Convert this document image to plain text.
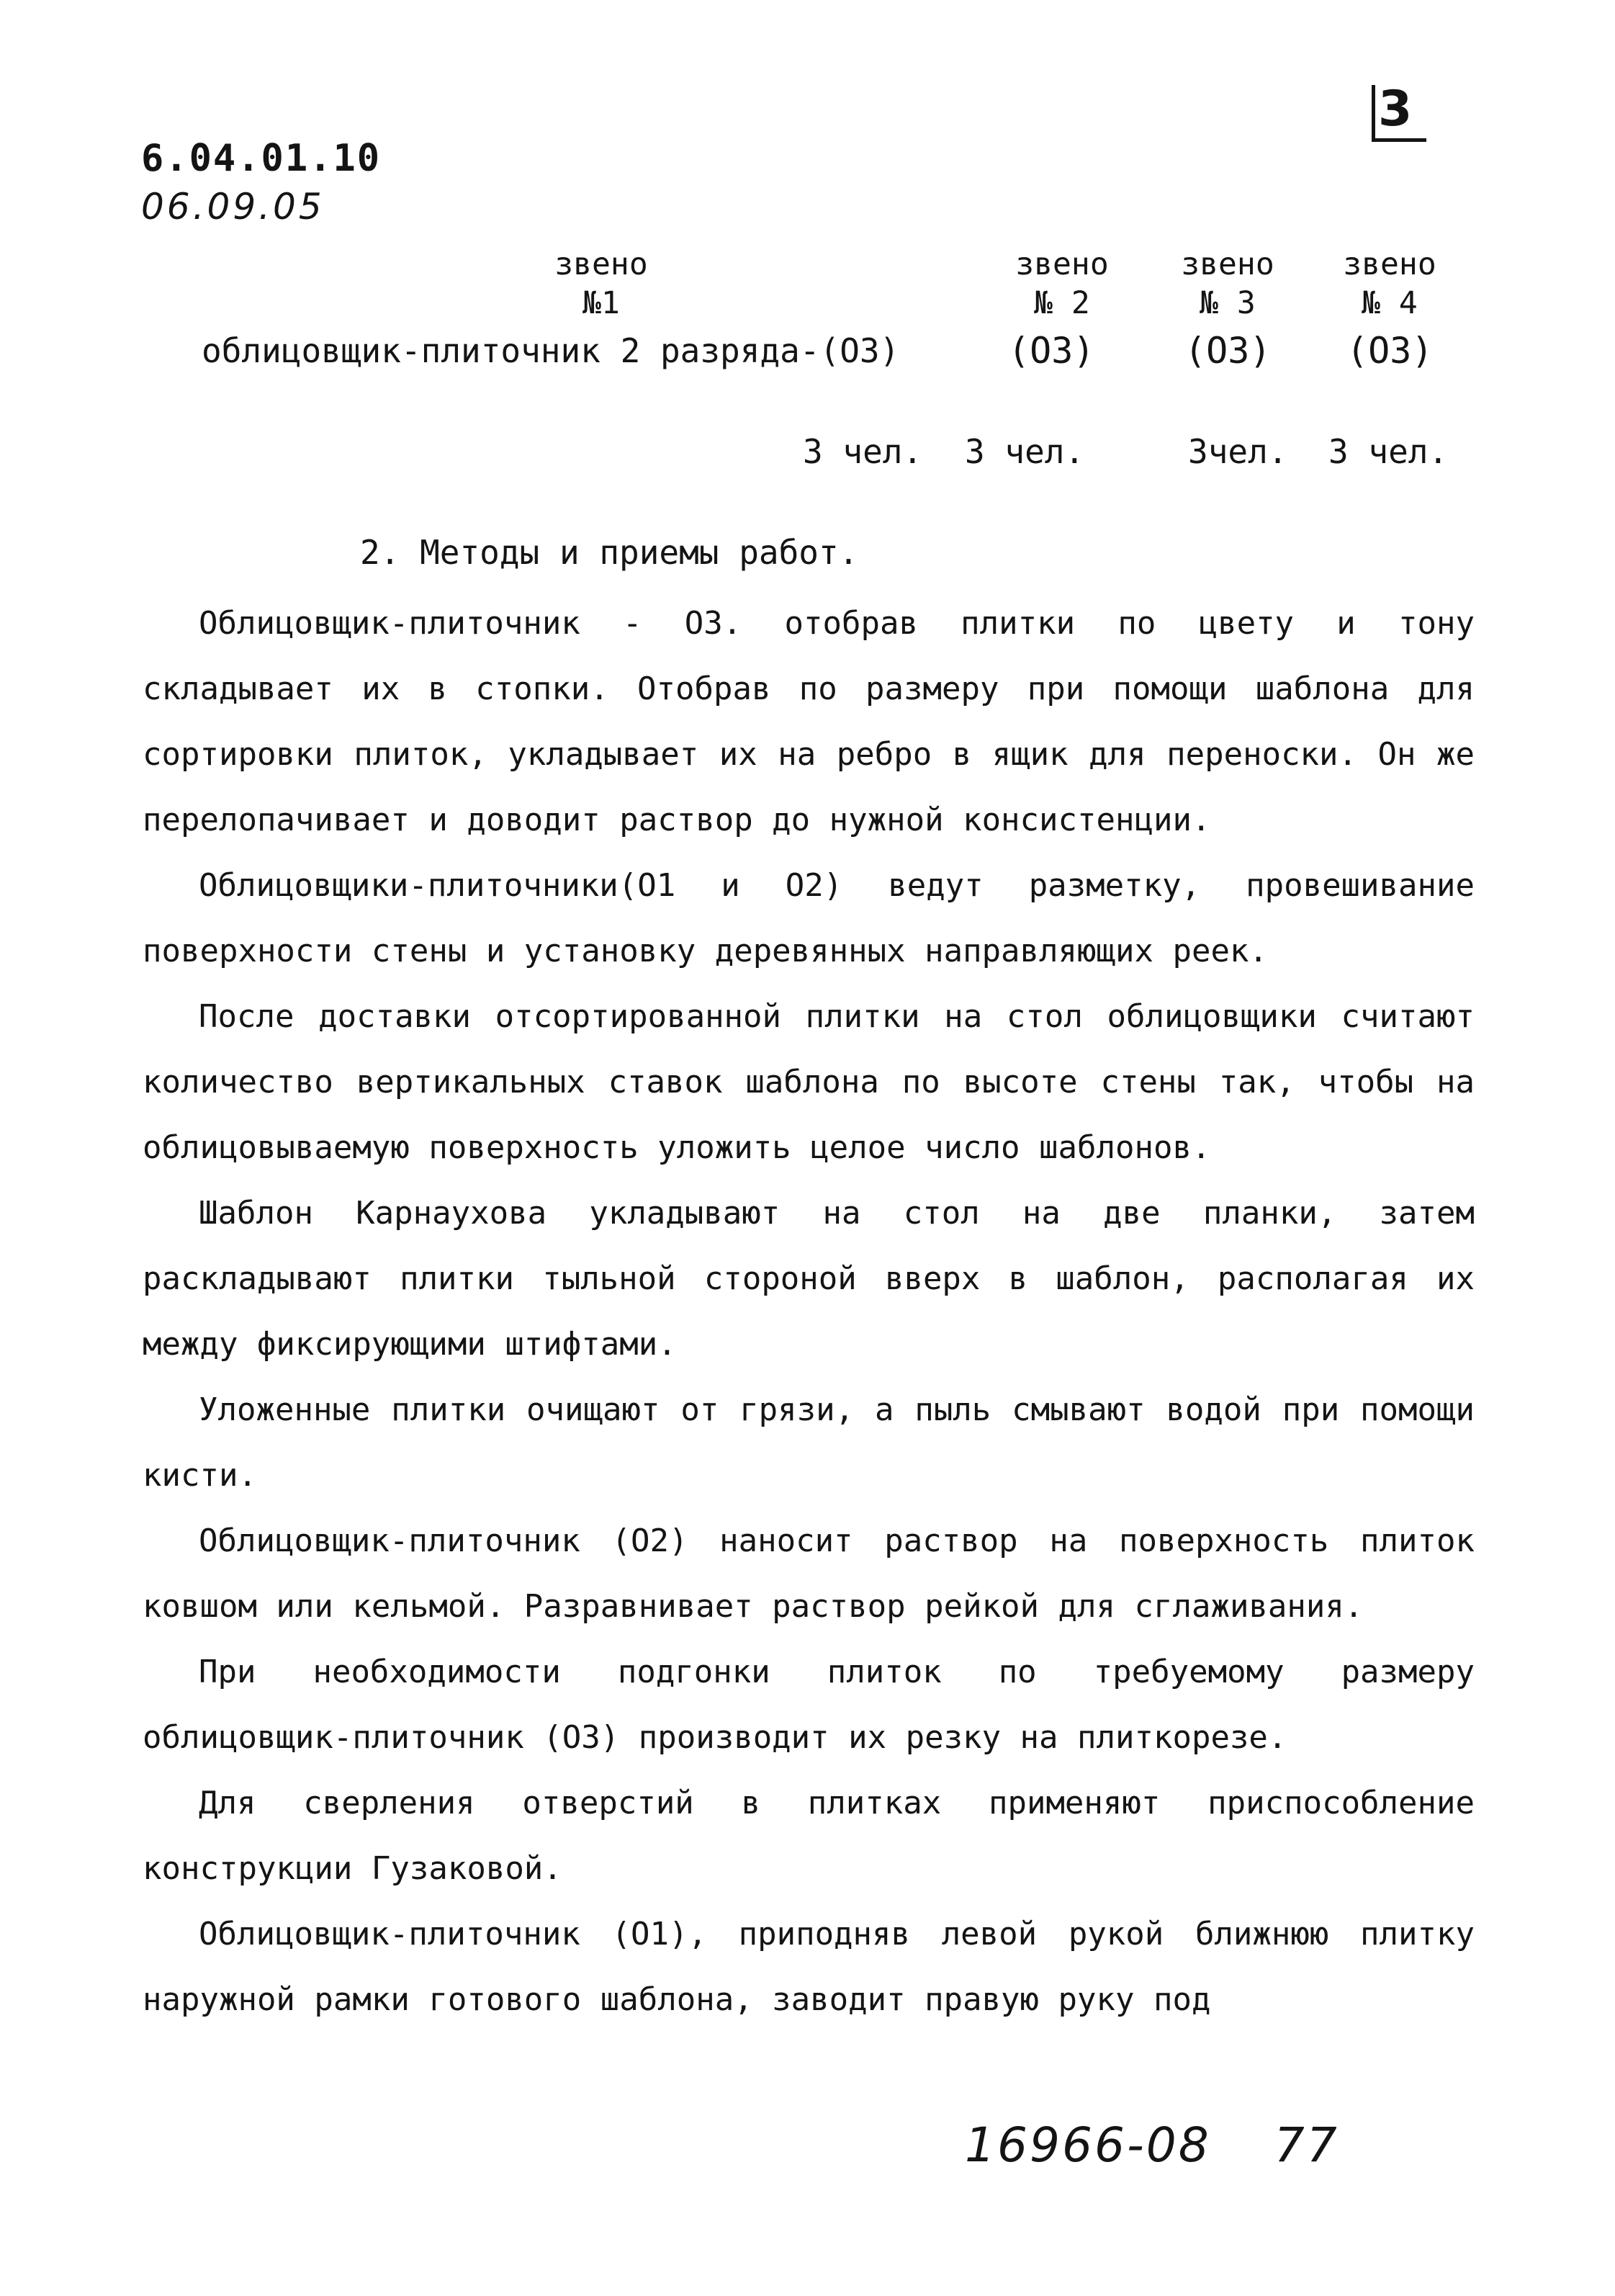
3
6.04.01.10
06.09.05
звено
№1
звено
№ 2
звено
№ 3
звено
№ 4
облицовщик-плиточник 2 разряда-(О3)	(О3) (О3) (О3)
3 чел. 3 чел.	3чел. 3 чел.
2. Методы и приемы работ.

Облицовщик-плиточник - О3. отобрав плитки по цвету и тону складывает их в стопки. Отобрав по размеру при помощи шаблона для сортировки плиток, укладывает их на ребро в ящик для переноски. Он же перелопачивает и доводит раствор до нужной консистенции.

Облицовщики-плиточники(О1 и О2) ведут разметку, провешивание поверхности стены и установку деревянных направляющих реек.

После доставки отсортированной плитки на стол облицовщики считают количество вертикальных ставок шаблона по высоте стены так, чтобы на облицовываемую поверхность уложить целое число шаблонов.

Шаблон Карнаухова укладывают на стол на две планки, затем раскладывают плитки тыльной стороной вверх в шаблон, располагая их между фиксирующими штифтами.

Уложенные плитки очищают от грязи, а пыль смывают водой при помощи кисти.

Облицовщик-плиточник (О2) наносит раствор на поверхность плиток ковшом или кельмой. Разравнивает раствор рейкой для сглаживания.

При необходимости подгонки плиток по требуемому размеру облицовщик-плиточник (О3) производит их резку на плиткорезе.

Для сверления отверстий в плитках применяют приспособление конструкции Гузаковой.

Облицовщик-плиточник (О1), приподняв левой рукой ближнюю плитку наружной рамки готового шаблона, заводит правую руку под

16966-08 77
